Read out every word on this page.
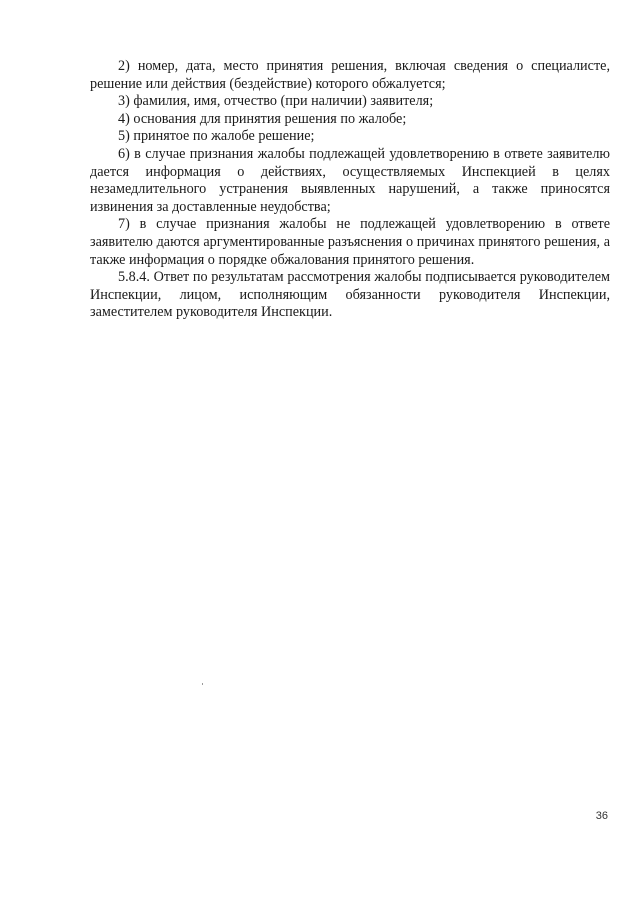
2) номер, дата, место принятия решения, включая сведения о специалисте, решение или действия (бездействие) которого обжалуется;

3) фамилия, имя, отчество (при наличии) заявителя;

4) основания для принятия решения по жалобе;

5) принятое по жалобе решение;

6) в случае признания жалобы подлежащей удовлетворению в ответе заявителю дается информация о действиях, осуществляемых Инспекцией в целях незамедлительного устранения выявленных нарушений, а также приносятся извинения за доставленные неудобства;

7) в случае признания жалобы не подлежащей удовлетворению в ответе заявителю даются аргументированные разъяснения о причинах принятого решения, а также информация о порядке обжалования принятого решения.

5.8.4. Ответ по результатам рассмотрения жалобы подписывается руководителем Инспекции, лицом, исполняющим обязанности руководителя Инспекции, заместителем руководителя Инспекции.

36
